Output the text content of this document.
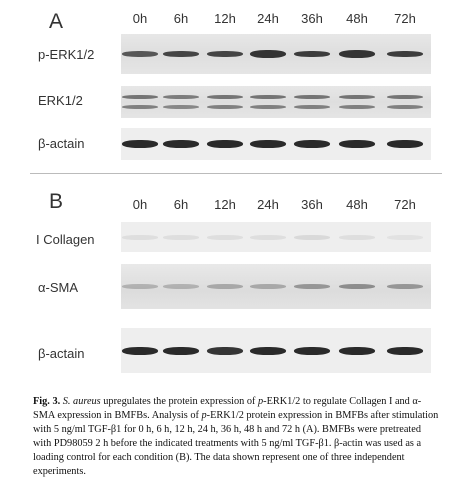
A	0h	6h	12h	24h	36h	48h	72h
p-ERK1/2
ERK1/2
β-actain
B	0h	6h	12h	24h	36h	48h	72h
I Collagen
α-SMA
β-actain

Fig. 3. S. aureus upregulates the protein expression of p-ERK1/2 to regulate Collagen I and α-SMA expression in BMFBs. Analysis of p-ERK1/2 protein expression in BMFBs after stimulation with 5 ng/ml TGF-β1 for 0 h, 6 h, 12 h, 24 h, 36 h, 48 h and 72 h (A). BMFBs were pretreated with PD98059 2 h before the indicated treatments with 5 ng/ml TGF-β1. β-actin was used as a loading control for each condition (B). The data shown represent one of three independent experiments.
